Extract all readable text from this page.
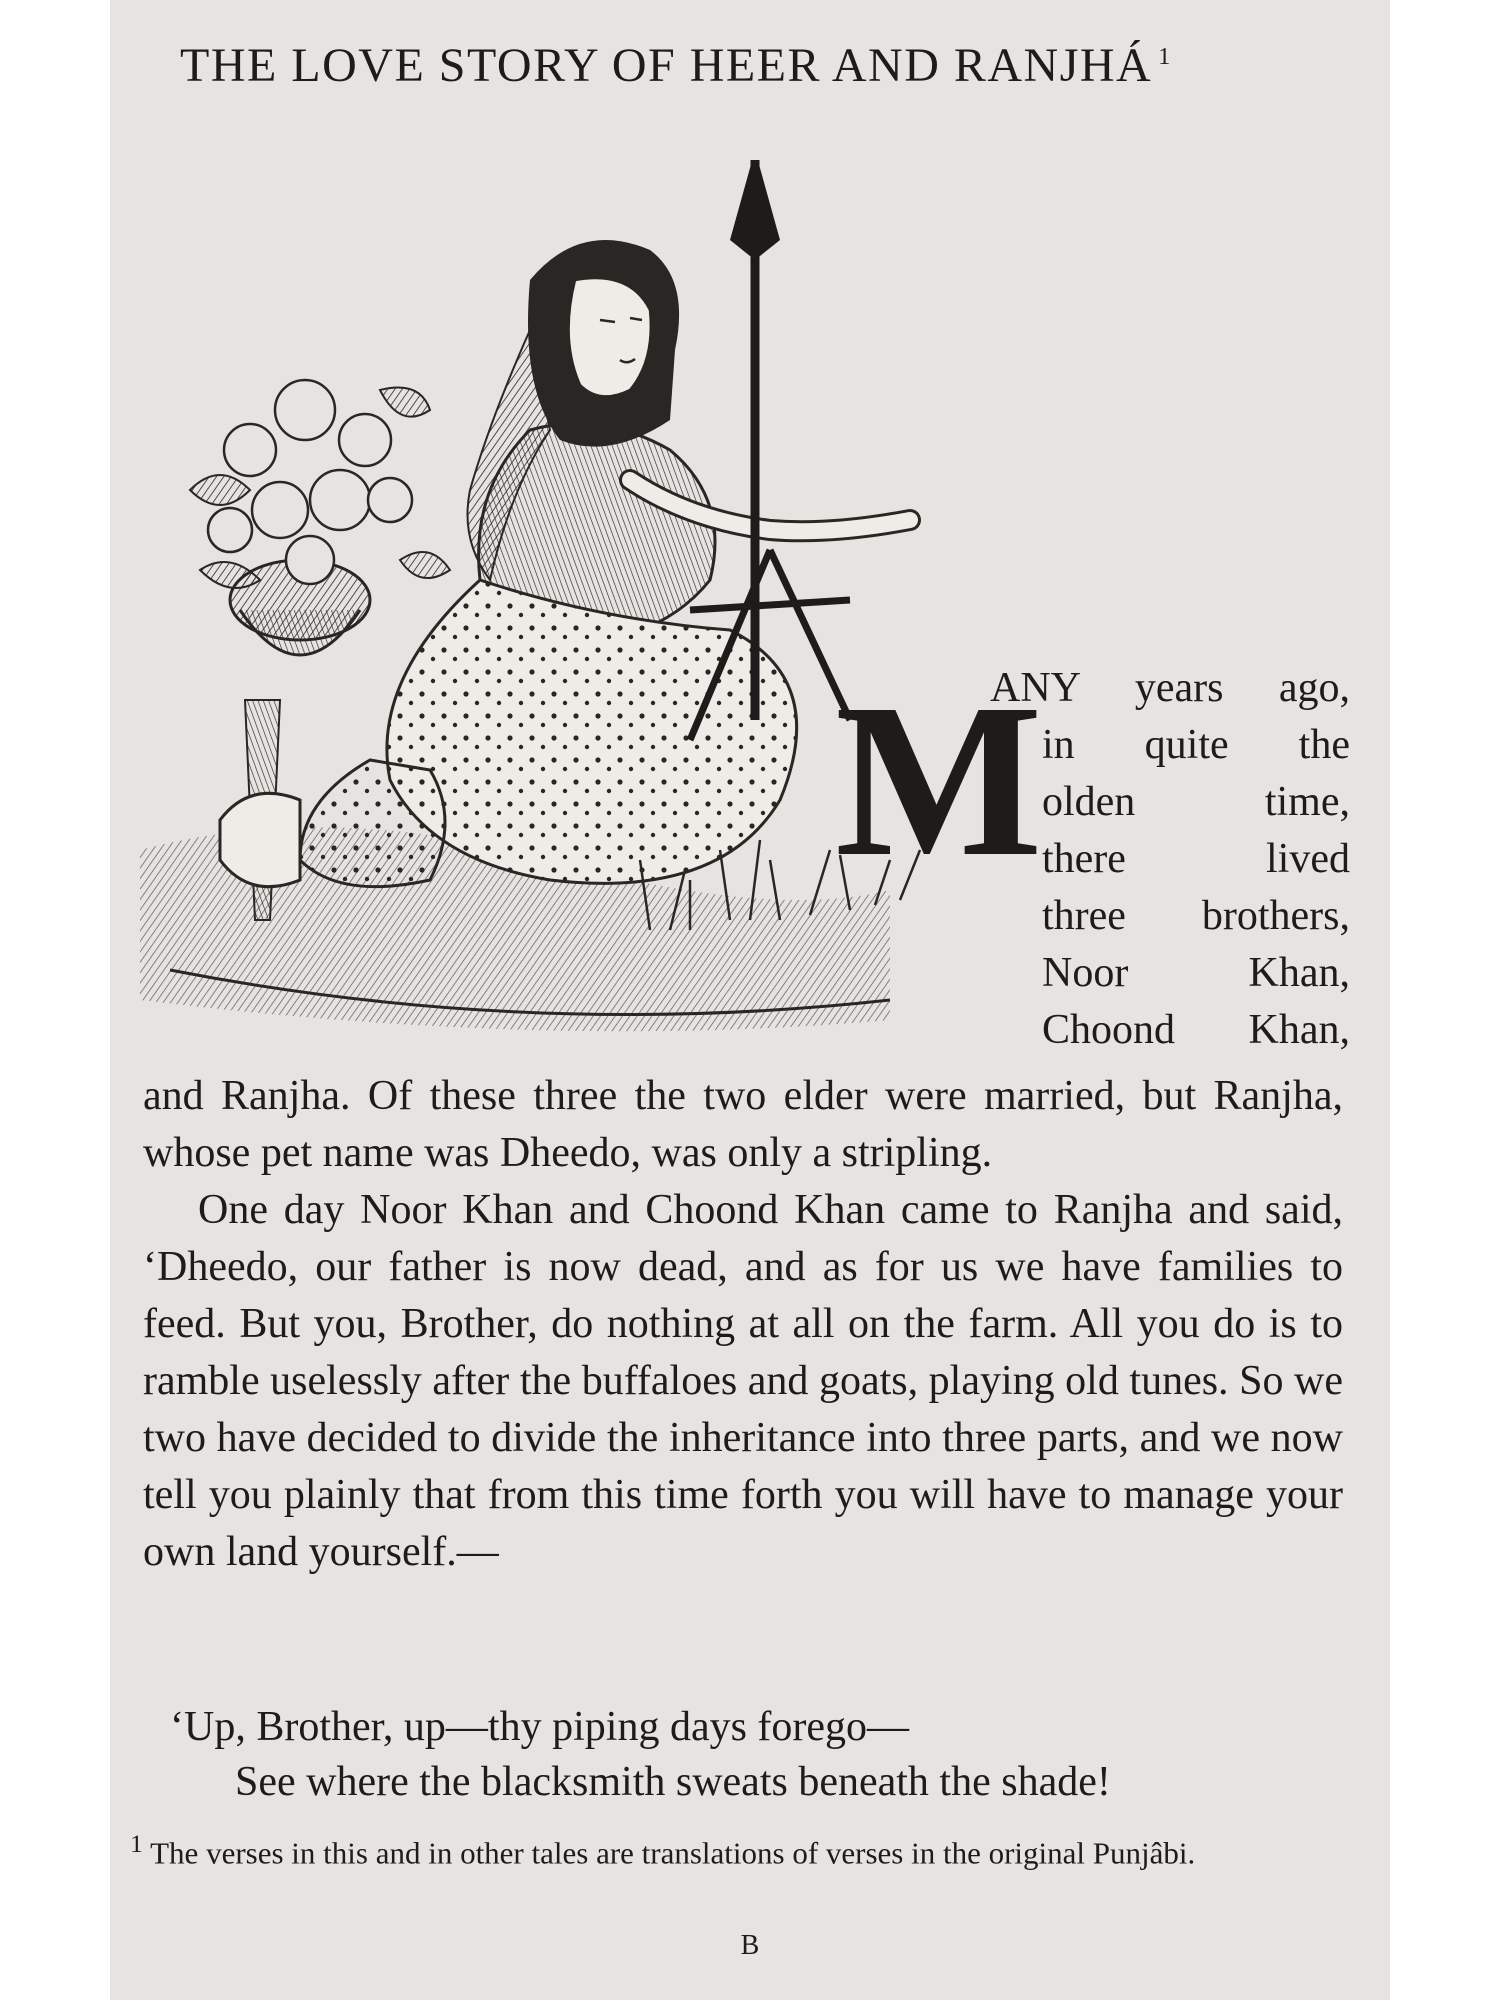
THE LOVE STORY OF HEER AND RANJHÁ $^1$
M
ANY years ago,
in quite the
olden time,
there lived
three brothers,
Noor Khan,
Choond Khan,

and Ranjha. Of these three the two elder were married, but Ranjha, whose pet name was Dheedo, was only a stripling.

One day Noor Khan and Choond Khan came to Ranjha and said, ‘Dheedo, our father is now dead, and as for us we have families to feed. But you, Brother, do nothing at all on the farm. All you do is to ramble uselessly after the buffaloes and goats, playing old tunes. So we two have decided to divide the inheritance into three parts, and we now tell you plainly that from this time forth you will have to manage your own land yourself.—

‘Up, Brother, up—thy piping days forego—
See where the blacksmith sweats beneath the shade!
$^1$ The verses in this and in other tales are translations of verses in the original Punjâbi.
B
